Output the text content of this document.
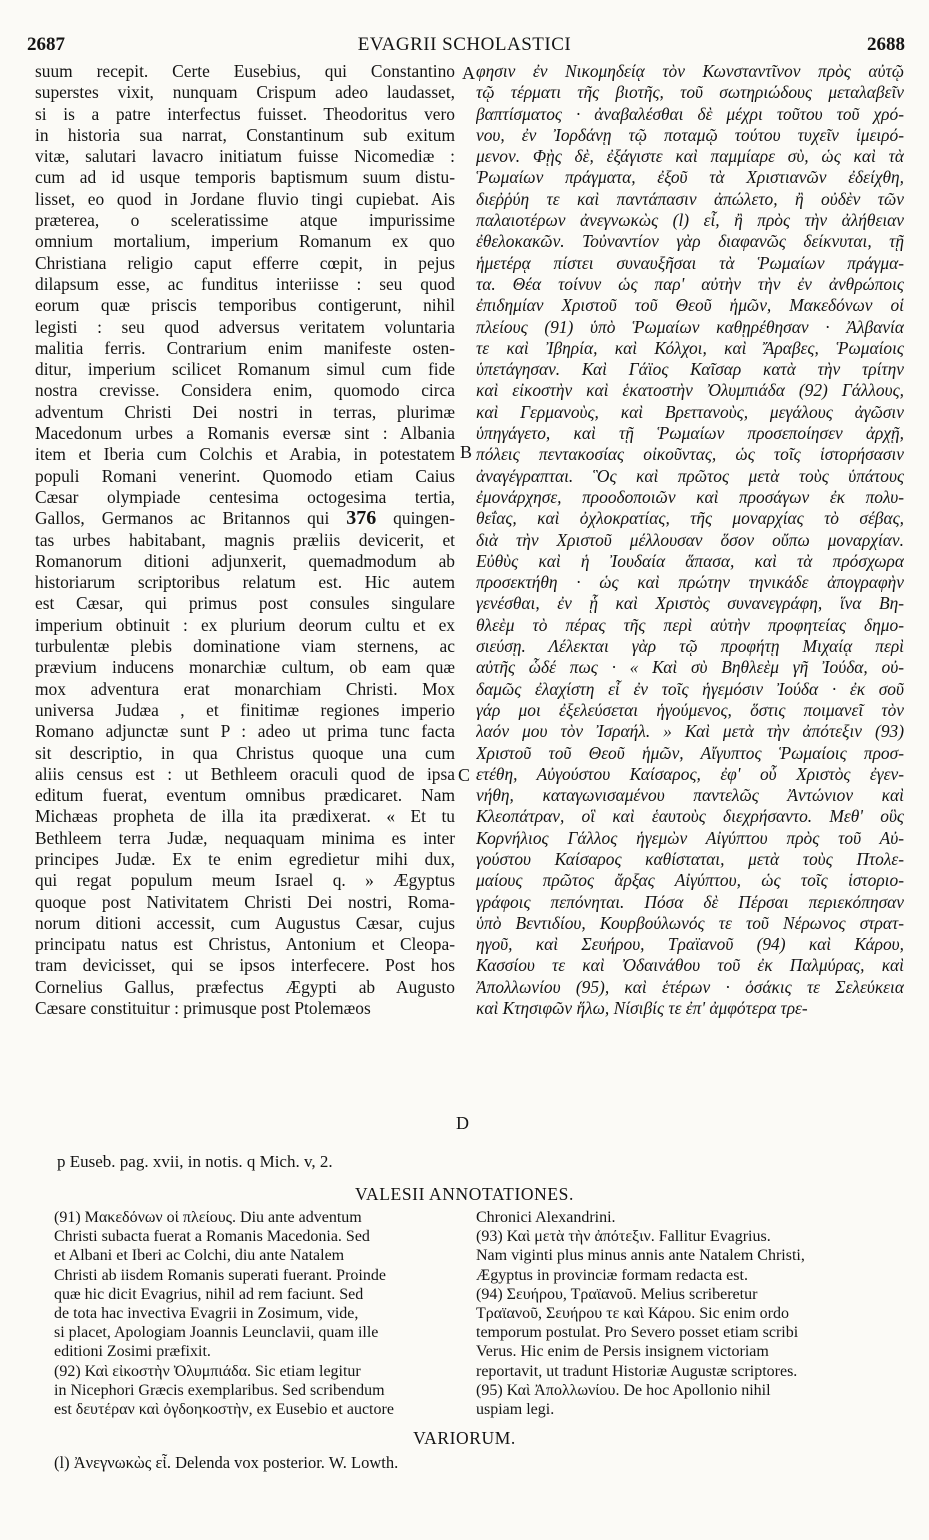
2687	EVAGRII SCHOLASTICI	2688
suum recepit. Certe Eusebius, qui Constantino
superstes vixit, nunquam Crispum adeo laudasset,
si is a patre interfectus fuisset. Theodoritus vero
in historia sua narrat, Constantinum sub exitum
vitæ, salutari lavacro initiatum fuisse Nicomediæ :
cum ad id usque temporis baptismum suum distu-
lisset, eo quod in Jordane fluvio tingi cupiebat. Ais
præterea, o sceleratissime atque impurissime
omnium mortalium, imperium Romanum ex quo
Christiana religio caput efferre cœpit, in pejus
dilapsum esse, ac funditus interiisse : seu quod
eorum quæ priscis temporibus contigerunt, nihil
legisti : seu quod adversus veritatem voluntaria
malitia ferris. Contrarium enim manifeste osten-
ditur, imperium scilicet Romanum simul cum fide
nostra crevisse. Considera enim, quomodo circa
adventum Christi Dei nostri in terras, plurimæ
Macedonum urbes a Romanis eversæ sint : Albania
item et Iberia cum Colchis et Arabia, in potestatem
populi Romani venerint. Quomodo etiam Caius
Cæsar olympiade centesima octogesima tertia,
Gallos, Germanos ac Britannos qui 376 quingen-
tas urbes habitabant, magnis præliis devicerit, et
Romanorum ditioni adjunxerit, quemadmodum ab
historiarum scriptoribus relatum est. Hic autem
est Cæsar, qui primus post consules singulare
imperium obtinuit : ex plurium deorum cultu et ex
turbulentæ plebis dominatione viam sternens, ac
prævium inducens monarchiæ cultum, ob eam quæ
mox adventura erat monarchiam Christi. Mox
universa Judæa , et finitimæ regiones imperio
Romano adjunctæ sunt P : adeo ut prima tunc facta
sit descriptio, in qua Christus quoque una cum
aliis census est : ut Bethleem oraculi quod de ipsa
editum fuerat, eventum omnibus prædicaret. Nam
Michæas propheta de illa ita prædixerat. « Et tu
Bethleem terra Judæ, nequaquam minima es inter
principes Judæ. Ex te enim egredietur mihi dux,
qui regat populum meum Israel q. » Ægyptus
quoque post Nativitatem Christi Dei nostri, Roma-
norum ditioni accessit, cum Augustus Cæsar, cujus
principatu natus est Christus, Antonium et Cleopa-
tram devicisset, qui se ipsos interfecere. Post hos
Cornelius Gallus, præfectus Ægypti ab Augusto
Cæsare constituitur : primusque post Ptolemæos
φησιν ἐν Νικομηδείᾳ τὸν Κωνσταντῖνον πρὸς αὐτῷ
τῷ τέρματι τῆς βιοτῆς, τοῦ σωτηριώδους μεταλαβεῖν
βαπτίσματος · ἀναβαλέσθαι δὲ μέχρι τοῦτου τοῦ χρό-
νου, ἐν Ἰορδάνῃ τῷ ποταμῷ τούτου τυχεῖν ἱμειρό-
μενον. Φῂς δὲ, ἐξάγιστε καὶ παμμίαρε σὺ, ὡς καὶ τὰ
Ῥωμαίων πράγματα, ἐξοῦ τὰ Χριστιανῶν ἐδείχθη,
διεῤῥύη τε καὶ παντάπασιν ἀπώλετο, ἢ οὐδὲν τῶν
παλαιοτέρων ἀνεγνωκὼς (l) εἶ, ἢ πρὸς τὴν ἀλήθειαν
ἐθελοκακῶν. Τοὐναντίον γὰρ διαφανῶς δείκνυται, τῇ
ἡμετέρᾳ πίστει συναυξῆσαι τὰ Ῥωμαίων πράγμα-
τα. Θέα τοίνυν ὡς παρ' αὐτὴν τὴν ἐν ἀνθρώποις
ἐπιδημίαν Χριστοῦ τοῦ Θεοῦ ἡμῶν, Μακεδόνων οἱ
πλείους (91) ὑπὸ Ῥωμαίων καθῃρέθησαν · Ἀλβανία
τε καὶ Ἰβηρία, καὶ Κόλχοι, καὶ Ἄραβες, Ῥωμαίοις
ὑπετάγησαν. Καὶ Γάϊος Καῖσαρ κατὰ τὴν τρίτην
καὶ εἰκοστὴν καὶ ἑκατοστὴν Ὀλυμπιάδα (92) Γάλλους,
καὶ Γερμανοὺς, καὶ Βρεττανοὺς, μεγάλους ἀγῶσιν
ὑπηγάγετο, καὶ τῇ Ῥωμαίων προσεποίησεν ἀρχῇ,
πόλεις πεντακοσίας οἰκοῦντας, ὡς τοῖς ἱστορήσασιν
ἀναγέγραπται. Ὃς καὶ πρῶτος μετὰ τοὺς ὑπάτους
ἐμονάρχησε, προοδοποιῶν καὶ προσάγων ἐκ πολυ-
θεΐας, καὶ ὀχλοκρατίας, τῆς μοναρχίας τὸ σέβας,
διὰ τὴν Χριστοῦ μέλλουσαν ὅσον οὔπω μοναρχίαν.
Εὐθὺς καὶ ἡ Ἰουδαία ἅπασα, καὶ τὰ πρόσχωρα
προσεκτήθη · ὡς καὶ πρώτην τηνικάδε ἀπογραφὴν
γενέσθαι, ἐν ᾗ καὶ Χριστὸς συνανεγράφη, ἵνα Βη-
θλεὲμ τὸ πέρας τῆς περὶ αὐτὴν προφητείας δημο-
σιεύσῃ. Λέλεκται γὰρ τῷ προφήτῃ Μιχαίᾳ περὶ
αὐτῆς ὧδέ πως · « Καὶ σὺ Βηθλεὲμ γῆ Ἰούδα, οὐ-
δαμῶς ἐλαχίστη εἶ ἐν τοῖς ἡγεμόσιν Ἰούδα · ἐκ σοῦ
γάρ μοι ἐξελεύσεται ἡγούμενος, ὅστις ποιμανεῖ τὸν
λαόν μου τὸν Ἰσραήλ. » Καὶ μετὰ τὴν ἀπότεξιν (93)
Χριστοῦ τοῦ Θεοῦ ἡμῶν, Αἴγυπτος Ῥωμαίοις προσ-
ετέθη, Αὐγούστου Καίσαρος, ἐφ' οὗ Χριστὸς ἐγεν-
νήθη, καταγωνισαμένου παντελῶς Ἀντώνιον καὶ
Κλεοπάτραν, οἳ καὶ ἑαυτοὺς διεχρήσαντο. Μεθ' οὓς
Κορνήλιος Γάλλος ἡγεμὼν Αἰγύπτου πρὸς τοῦ Αὐ-
γούστου Καίσαρος καθίσταται, μετὰ τοὺς Πτολε-
μαίους πρῶτος ἄρξας Αἰγύπτου, ὡς τοῖς ἱστοριο-
γράφοις πεπόνηται. Πόσα δὲ Πέρσαι περιεκόπησαν
ὑπὸ Βεντιδίου, Κουρβούλωνός τε τοῦ Νέρωνος στρατ-
ηγοῦ, καὶ Σευήρου, Τραϊανοῦ (94) καὶ Κάρου,
Κασσίου τε καὶ Ὀδαινάθου τοῦ ἐκ Παλμύρας, καὶ
Ἀπολλωνίου (95), καὶ ἑτέρων · ὁσάκις τε Σελεύκεια
καὶ Κτησιφῶν ἥλω, Νίσιβίς τε ἐπ' ἀμφότερα τρε-
A
B
C
D
p Euseb. pag. xvii, in notis. q Mich. v, 2.
VALESII ANNOTATIONES.
(91) Μακεδόνων οἱ πλείους. Diu ante adventum
Christi subacta fuerat a Romanis Macedonia. Sed
et Albani et Iberi ac Colchi, diu ante Natalem
Christi ab iisdem Romanis superati fuerant. Proinde
quæ hic dicit Evagrius, nihil ad rem faciunt. Sed
de tota hac invectiva Evagrii in Zosimum, vide,
si placet, Apologiam Joannis Leunclavii, quam ille
editioni Zosimi præfixit.
(92) Καὶ εἰκοστὴν Ὀλυμπιάδα. Sic etiam legitur
in Nicephori Græcis exemplaribus. Sed scribendum
est δευτέραν καὶ ὀγδοηκοστὴν, ex Eusebio et auctore
Chronici Alexandrini.
(93) Καὶ μετὰ τὴν ἀπότεξιν. Fallitur Evagrius.
Nam viginti plus minus annis ante Natalem Christi,
Ægyptus in provinciæ formam redacta est.
(94) Σευήρου, Τραϊανοῦ. Melius scriberetur
Τραϊανοῦ, Σευήρου τε καὶ Κάρου. Sic enim ordo
temporum postulat. Pro Severo posset etiam scribi
Verus. Hic enim de Persis insignem victoriam
reportavit, ut tradunt Historiæ Augustæ scriptores.
(95) Καὶ Ἀπολλωνίου. De hoc Apollonio nihil
uspiam legi.
VARIORUM.
(l) Ἀνεγνωκὼς εἶ. Delenda vox posterior. W. Lowth.
